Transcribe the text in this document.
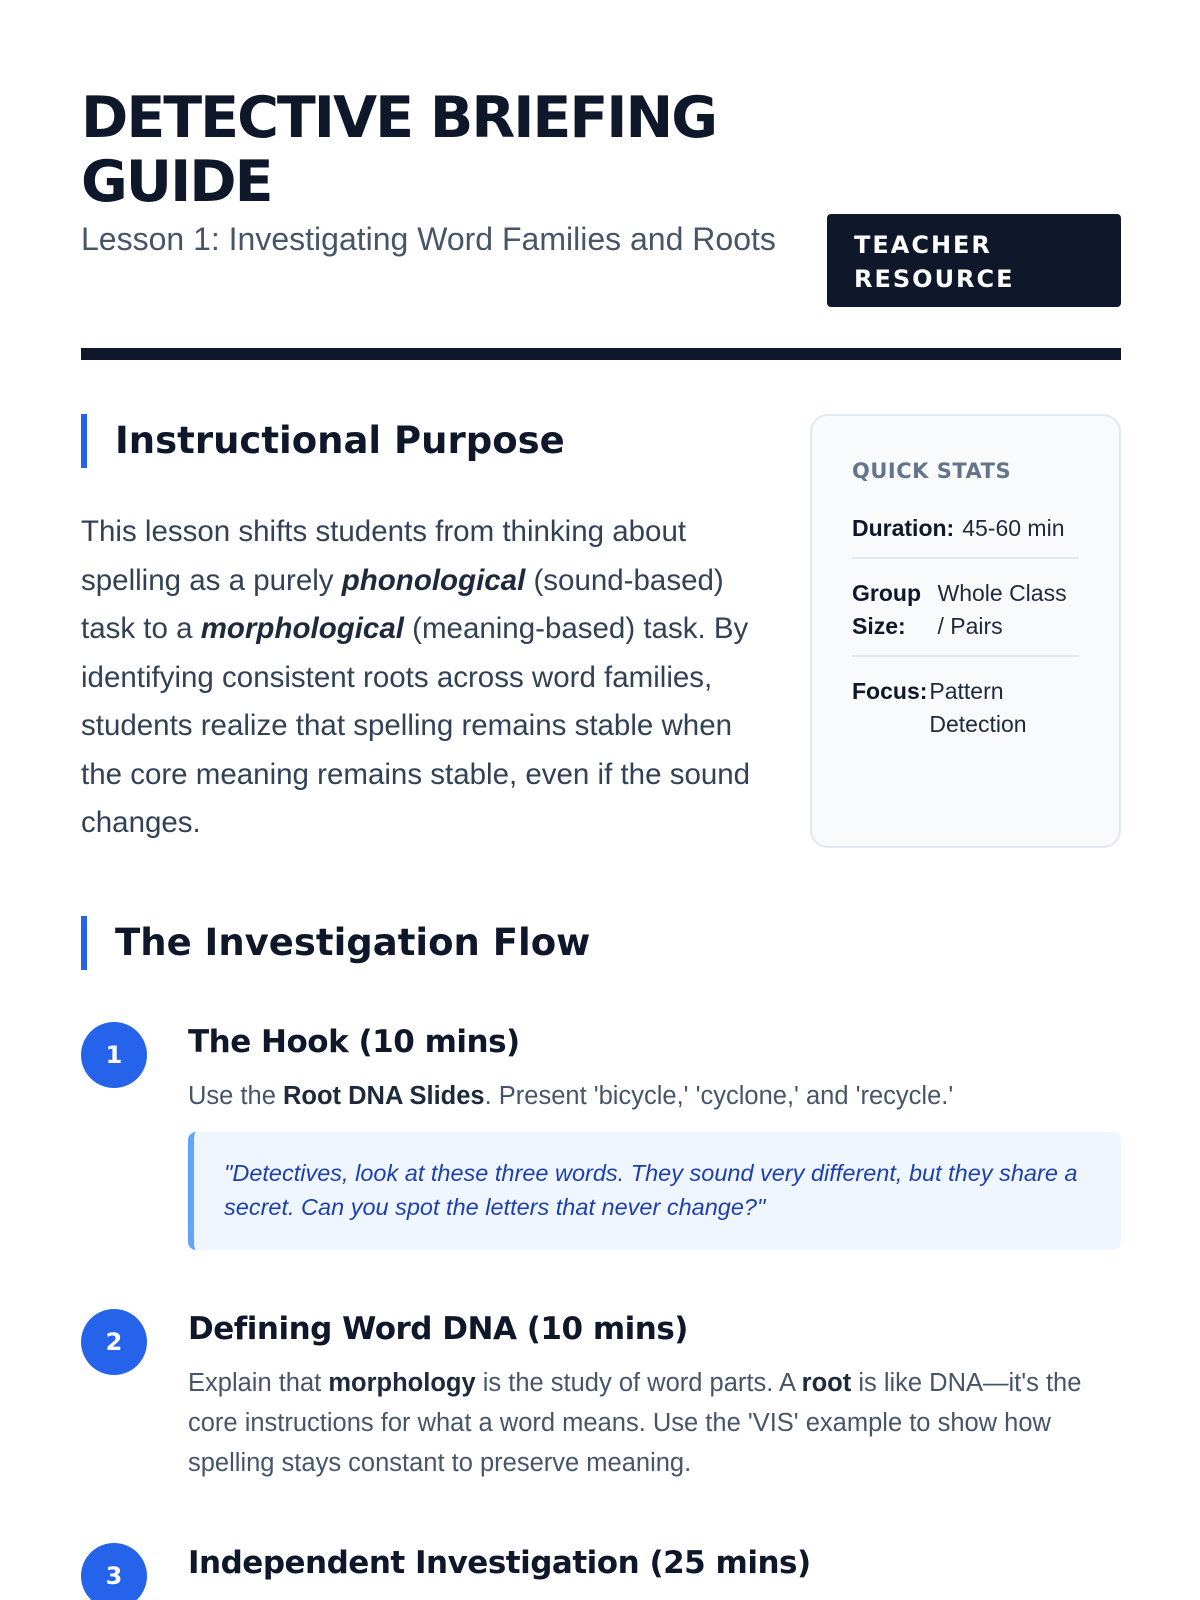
DETECTIVE BRIEFING GUIDE
Lesson 1: Investigating Word Families and Roots	TEACHER RESOURCE
Instructional Purpose

This lesson shifts students from thinking about spelling as a purely phonological (sound-based) task to a morphological (meaning-based) task. By identifying consistent roots across word families, students realize that spelling remains stable when the core meaning remains stable, even if the sound changes.

QUICK STATS
Duration: 45-60 min
Group Size:
Whole Class / Pairs
Focus: Pattern Detection
The Investigation Flow
1	The Hook (10 mins)

Use the Root DNA Slides. Present 'bicycle,' 'cyclone,' and 'recycle.'

"Detectives, look at these three words. They sound very different, but they share a secret. Can you spot the letters that never change?"
2	Defining Word DNA (10 mins)

Explain that morphology is the study of word parts. A root is like DNA—it's the core instructions for what a word means. Use the 'VIS' example to show how spelling stays constant to preserve meaning.

3	Independent Investigation (25 mins)
